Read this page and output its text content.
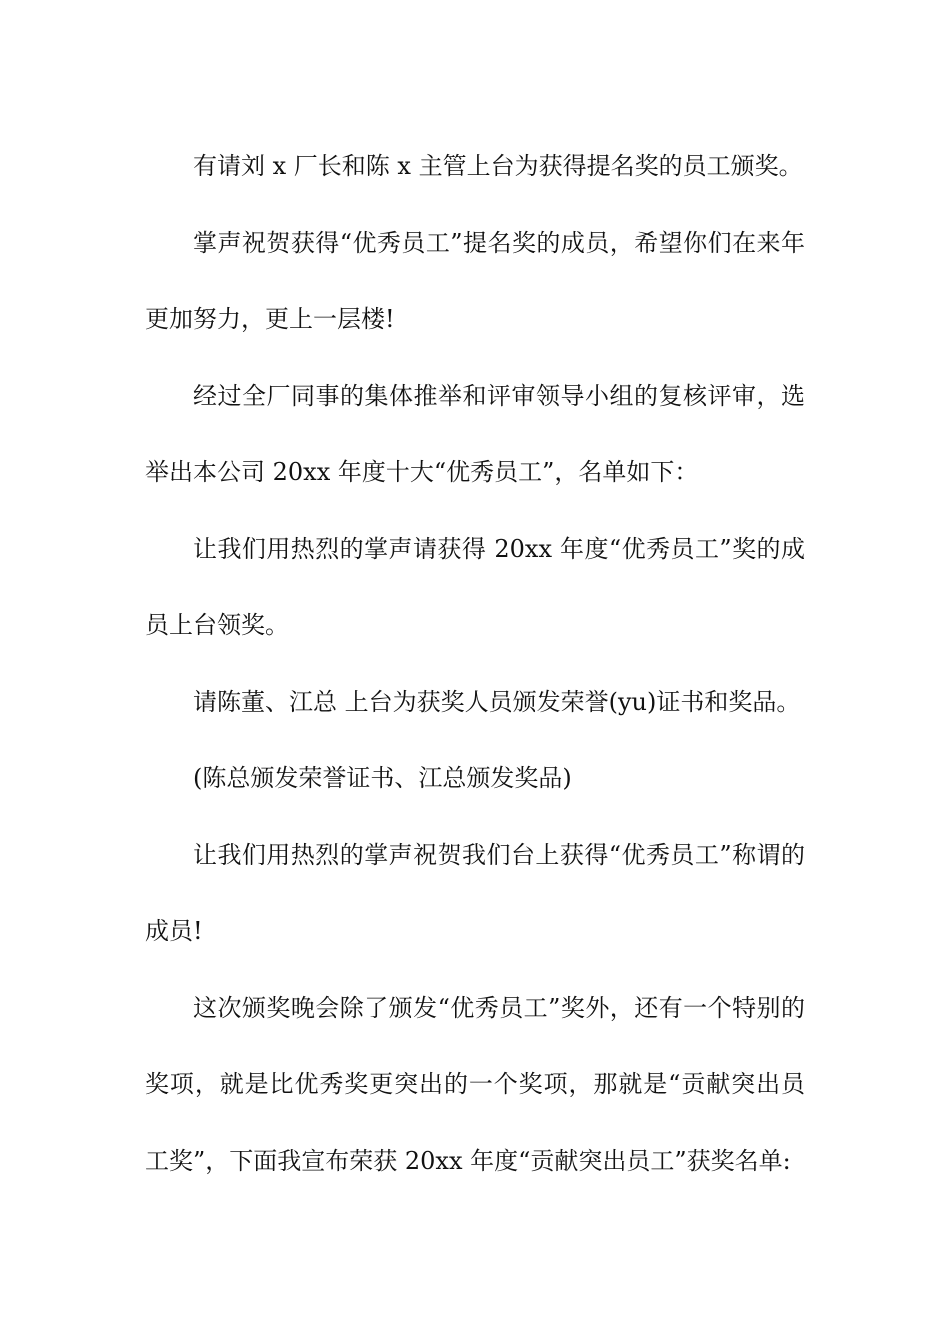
有请刘 x 厂长和陈 x 主管上台为获得提名奖的员工颁奖。

掌声祝贺获得“优秀员工”提名奖的成员，希望你们在来年更加努力，更上一层楼!

经过全厂同事的集体推举和评审领导小组的复核评审，选举出本公司 20xx 年度十大“优秀员工”，名单如下：

让我们用热烈的掌声请获得 20xx 年度“优秀员工”奖的成员上台领奖。

请陈董、江总 上台为获奖人员颁发荣誉(yu)证书和奖品。

(陈总颁发荣誉证书、江总颁发奖品)

让我们用热烈的掌声祝贺我们台上获得“优秀员工”称谓的成员!

这次颁奖晚会除了颁发“优秀员工”奖外，还有一个特别的奖项，就是比优秀奖更突出的一个奖项，那就是“贡献突出员工奖”，下面我宣布荣获 20xx 年度“贡献突出员工”获奖名单:
